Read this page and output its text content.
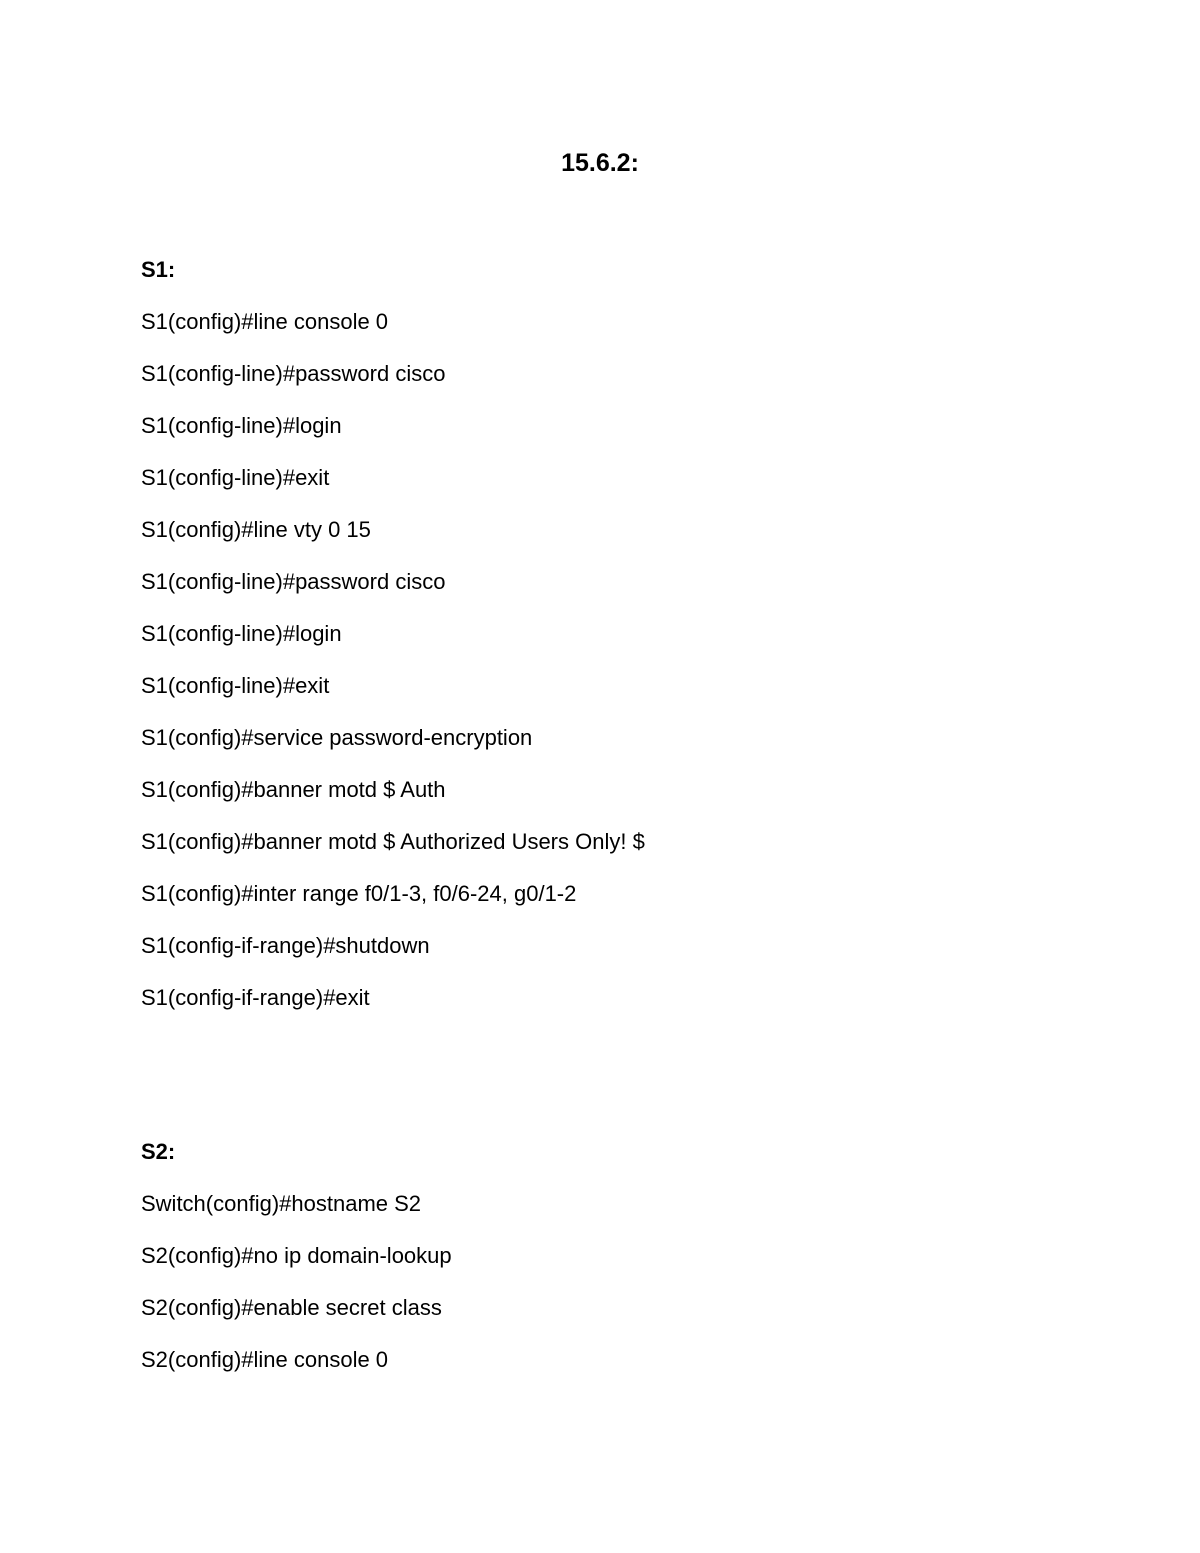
15.6.2:

S1:

S1(config)#line console 0

S1(config-line)#password cisco

S1(config-line)#login

S1(config-line)#exit

S1(config)#line vty 0 15

S1(config-line)#password cisco

S1(config-line)#login

S1(config-line)#exit

S1(config)#service password-encryption

S1(config)#banner motd $ Auth

S1(config)#banner motd $ Authorized Users Only! $

S1(config)#inter range f0/1-3, f0/6-24, g0/1-2

S1(config-if-range)#shutdown

S1(config-if-range)#exit

S2:

Switch(config)#hostname S2

S2(config)#no ip domain-lookup

S2(config)#enable secret class

S2(config)#line console 0
